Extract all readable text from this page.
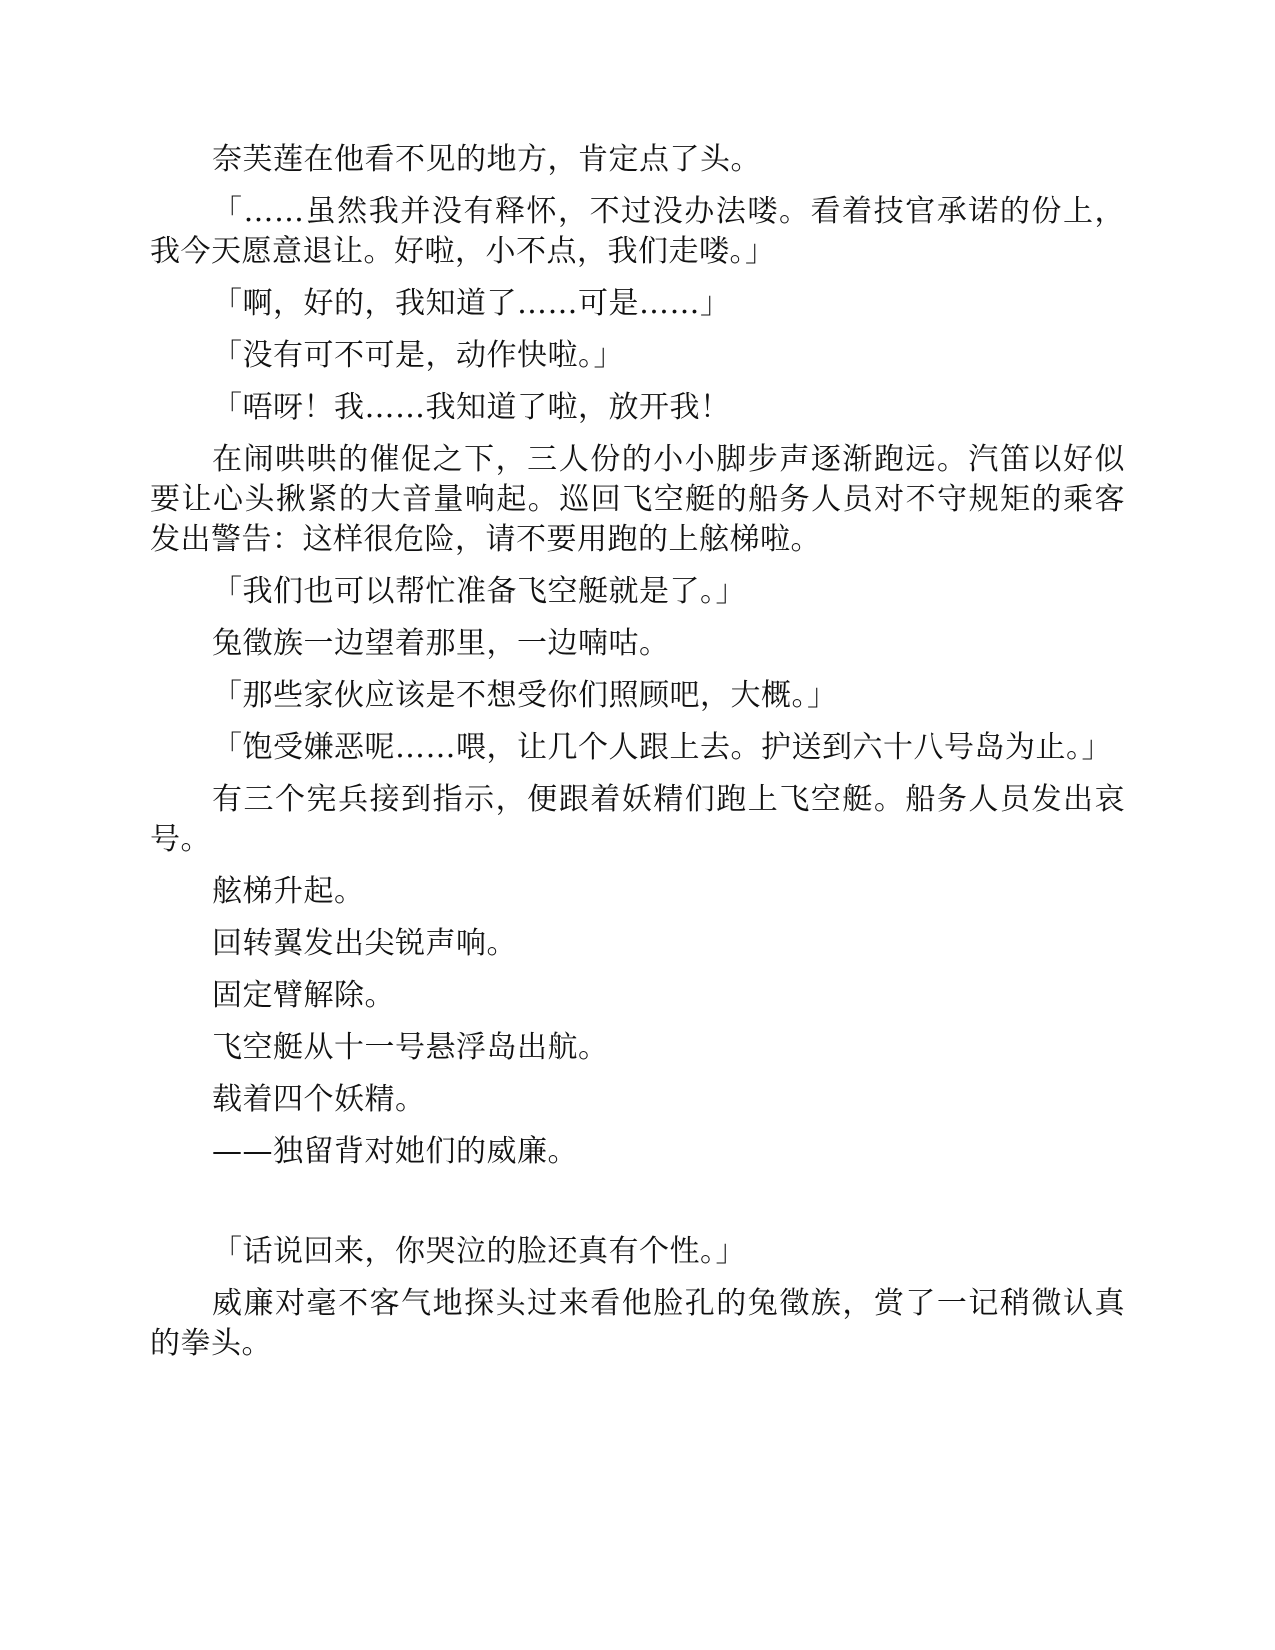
奈芙莲在他看不见的地方，肯定点了头。

「……虽然我并没有释怀，不过没办法喽。看着技官承诺的份上，我今天愿意退让。好啦，小不点，我们走喽。」

「啊，好的，我知道了……可是……」

「没有可不可是，动作快啦。」

「唔呀！我……我知道了啦，放开我！

在闹哄哄的催促之下，三人份的小小脚步声逐渐跑远。汽笛以好似要让心头揪紧的大音量响起。巡回飞空艇的船务人员对不守规矩的乘客发出警告：这样很危险，请不要用跑的上舷梯啦。

「我们也可以帮忙准备飞空艇就是了。」

兔徵族一边望着那里，一边喃咕。

「那些家伙应该是不想受你们照顾吧，大概。」

「饱受嫌恶呢……喂，让几个人跟上去。护送到六十八号岛为止。」

有三个宪兵接到指示，便跟着妖精们跑上飞空艇。船务人员发出哀号。

舷梯升起。

回转翼发出尖锐声响。

固定臂解除。

飞空艇从十一号悬浮岛出航。

载着四个妖精。

——独留背对她们的威廉。

「话说回来，你哭泣的脸还真有个性。」

威廉对毫不客气地探头过来看他脸孔的兔徵族，赏了一记稍微认真的拳头。
